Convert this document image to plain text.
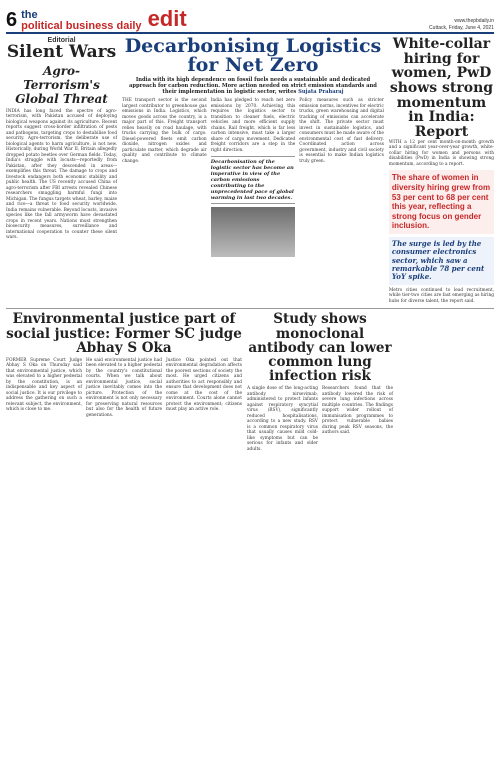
6 the
political business daily edit	www.thepbdaily.in
Cuttack, Friday, June 4, 2021
Editorial
Silent Wars
Agro-Terrorism's Global Threat
INDIA has long faced the spectre of agro-terrorism, with Pakistan accused of deploying biological weapons against its agriculture. Recent reports suggest cross-border infiltration of pests and pathogens, targeting crops to destabilise food security. Agro-terrorism, the deliberate use of biological agents to harm agriculture, is not new. Historically, during World War II, Britain allegedly dropped potato beetles over German fields. Today, India's struggle with locusts—reportedly from Pakistan, after they descended in areas—exemplifies this threat. The damage to crops and livestock endangers both economic stability and public health. The US recently accused China of agro-terrorism after FBI arrests revealed Chinese researchers smuggling harmful fungi into Michigan. The fungus targets wheat, barley, maize and rice—a threat to food security worldwide. India remains vulnerable. Beyond locusts, invasive species like the fall armyworm have devastated crops in recent years. Nations must strengthen biosecurity measures, surveillance and international cooperation to counter these silent wars.
Decarbonising Logistics for Net Zero
India with its high dependence on fossil fuels needs a sustainable and dedicated approach for carbon reduction. More action needed on strict emission standards and their implementation in logistic sector, writes Sujata Praharaj
THE transport sector is the second largest contributor to greenhouse gas emissions in India. Logistics, which moves goods across the country, is a major part of this. Freight transport relies heavily on road haulage, with trucks carrying the bulk of cargo. Diesel-powered fleets emit carbon dioxide, nitrogen oxides and particulate matter, which degrade air quality and contribute to climate change.
India has pledged to reach net zero emissions by 2070. Achieving this requires the logistics sector to transition to cleaner fuels, electric vehicles and more efficient supply chains. Rail freight, which is far less carbon intensive, must take a larger share of cargo movement. Dedicated freight corridors are a step in the right direction.
Decarbonisation of the logistic sector has become an imperative in view of the carbon emissions contributing to the unprecedented pace of global warming in last two decades.
Policy measures such as stricter emission norms, incentives for electric trucks, green warehousing and digital tracking of emissions can accelerate the shift. The private sector must invest in sustainable logistics, and consumers must be made aware of the environmental cost of fast delivery. Coordinated action across government, industry and civil society is essential to make Indian logistics truly green.
White-collar hiring for women, PwD shows strong momentum in India: Report
WITH a 12 per cent month-on-month growth and a significant year-over-year growth, white-collar hiring for women and persons with disabilities (PwD) in India is showing strong momentum, according to a report.
The share of women in diversity hiring grew from 53 per cent to 68 per cent this year, reflecting a strong focus on gender inclusion.
The surge is led by the consumer electronics sector, which saw a remarkable 78 per cent YoY spike.
Metro cities continued to lead recruitment, while tier-two cities are fast emerging as hiring hubs for diverse talent, the report said.
Environmental justice part of social justice: Former SC judge Abhay S Oka
FORMER Supreme Court Judge Abhay S Oka on Thursday said that environmental justice, which was elevated to a higher pedestal by the constitution, is an indispensable and key aspect of social justice. It is our privilege to address the gathering on such a relevant subject, the environment, which is close to me.
He said environmental justice had been elevated to a higher pedestal by the country's constitutional courts. When we talk about environmental justice, social justice inevitably comes into the picture. Protection of the environment is not only necessary for preserving natural resources but also for the health of future generations.
Justice Oka pointed out that environmental degradation affects the poorest sections of society the most. He urged citizens and authorities to act responsibly and ensure that development does not come at the cost of the environment. Courts alone cannot protect the environment; citizens must play an active role.
Study shows monoclonal antibody can lower common lung infection risk
A single dose of the long-acting antibody nirsevimab, administered to protect infants against respiratory syncytial virus (RSV), significantly reduced hospitalisations, according to a new study. RSV is a common respiratory virus that usually causes mild cold-like symptoms but can be serious for infants and older adults.
Researchers found that the antibody lowered the risk of severe lung infections across multiple countries. The findings support wider rollout of immunisation programmes to protect vulnerable babies during peak RSV seasons, the authors said.
